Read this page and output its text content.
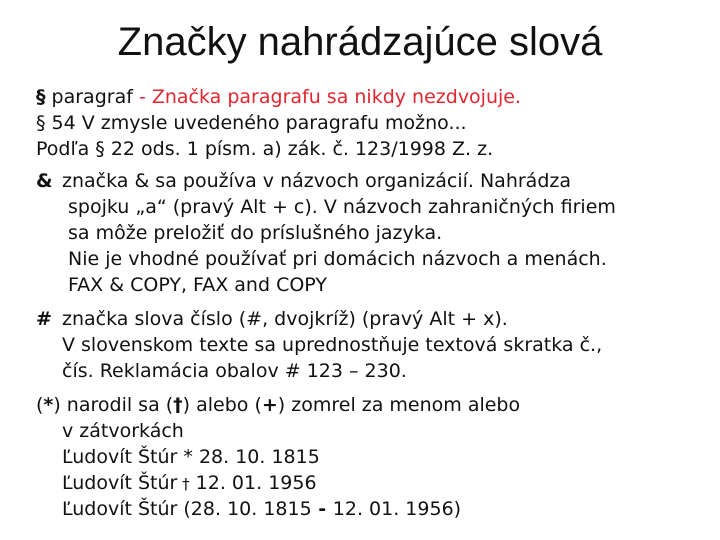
Značky nahrádzajúce slová
§ paragraf - Značka paragrafu sa nikdy nezdvojuje.
§ 54 V zmysle uvedeného paragrafu možno...
Podľa § 22 ods. 1 písm. a) zák. č. 123/1998 Z. z.
& značka & sa používa v názvoch organizácií. Nahrádza
spojku „a“ (pravý Alt + c). V názvoch zahraničných firiem
sa môže preložiť do príslušného jazyka.
Nie je vhodné používať pri domácich názvoch a menách.
FAX & COPY, FAX and COPY
# značka slova číslo (#, dvojkríž) (pravý Alt + x).
V slovenskom texte sa uprednostňuje textová skratka č.,
čís. Reklamácia obalov # 123 – 230.
(*) narodil sa (†) alebo (+) zomrel za menom alebo
v zátvorkách
Ľudovít Štúr * 28. 10. 1815
Ľudovít Štúr † 12. 01. 1956
Ľudovít Štúr (28. 10. 1815 - 12. 01. 1956)
